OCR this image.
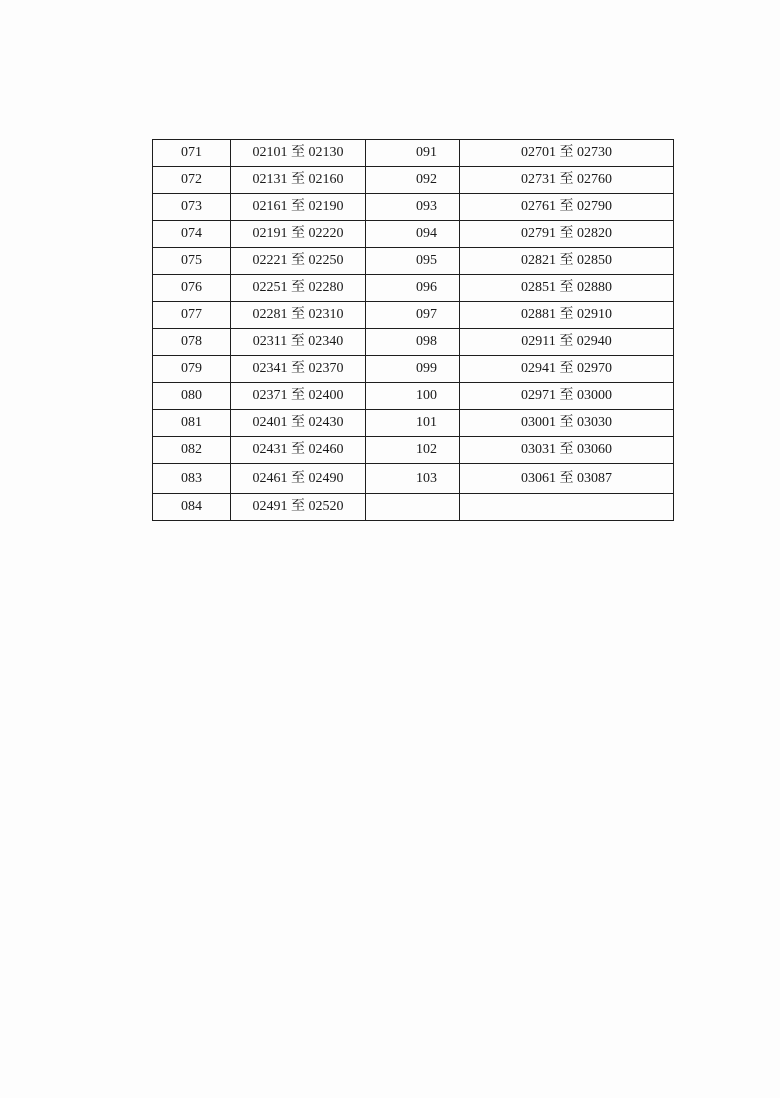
071	02101 至 02130	091	02701 至 02730
072	02131 至 02160	092	02731 至 02760
073	02161 至 02190	093	02761 至 02790
074	02191 至 02220	094	02791 至 02820
075	02221 至 02250	095	02821 至 02850
076	02251 至 02280	096	02851 至 02880
077	02281 至 02310	097	02881 至 02910
078	02311 至 02340	098	02911 至 02940
079	02341 至 02370	099	02941 至 02970
080	02371 至 02400	100	02971 至 03000
081	02401 至 02430	101	03001 至 03030
082	02431 至 02460	102	03031 至 03060
083	02461 至 02490	103	03061 至 03087
084	02491 至 02520		
